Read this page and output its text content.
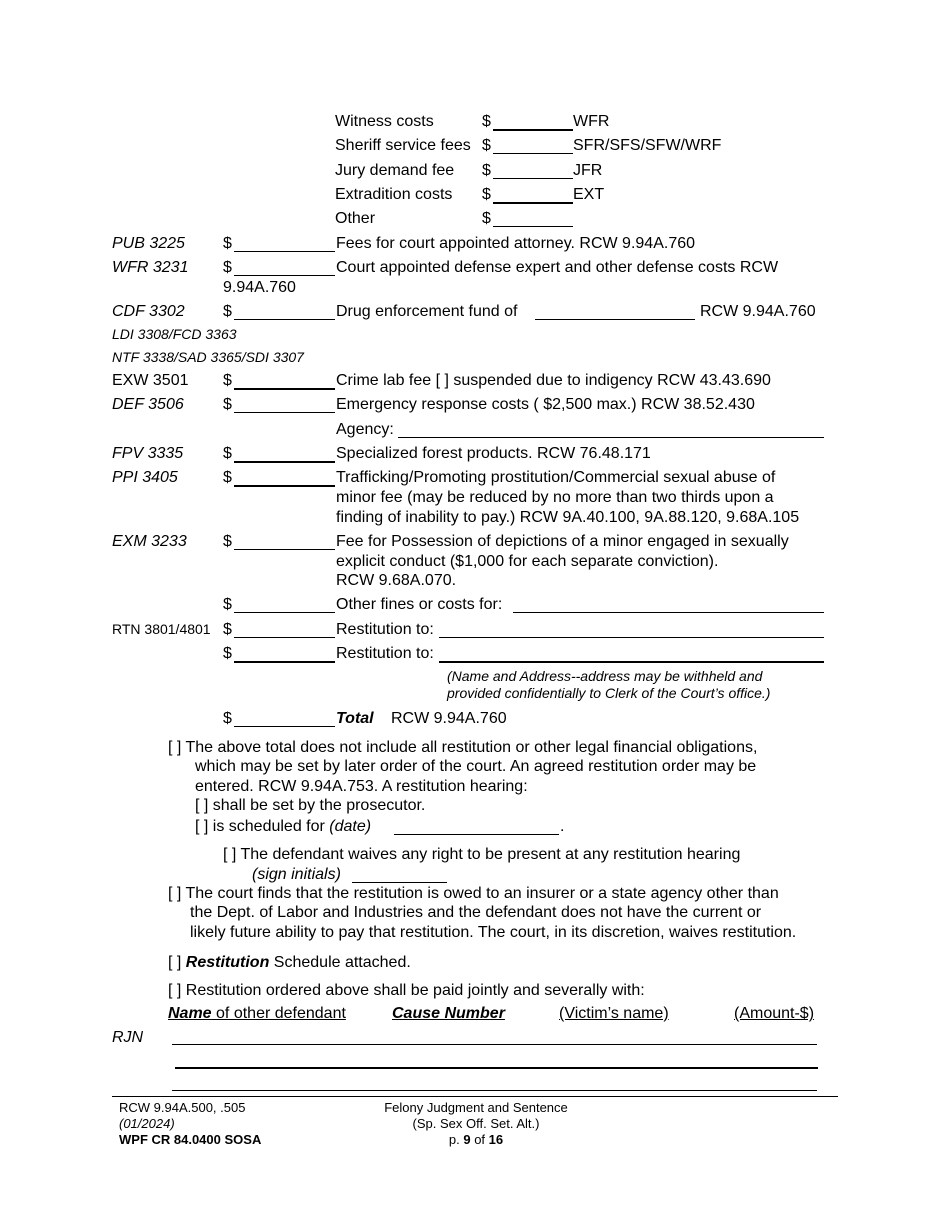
Witness costs	$	WFR
Sheriff service fees $	SFR/SFS/SFW/WRF
Jury demand fee $	JFR
Extradition costs $	EXT
Other	$
PUB 3225 $	Fees for court appointed attorney. RCW 9.94A.760
WFR 3231 $	Court appointed defense expert and other defense costs RCW
9.94A.760
CDF 3302 $	Drug enforcement fund of	RCW 9.94A.760
LDI 3308/FCD 3363
NTF 3338/SAD 3365/SDI 3307
EXW 3501 $	Crime lab fee [ ] suspended due to indigency RCW 43.43.690
DEF 3506 $	Emergency response costs ( $2,500 max.) RCW 38.52.430
Agency:
FPV 3335 $	Specialized forest products. RCW 76.48.171
PPI 3405	$	Trafficking/Promoting prostitution/Commercial sexual abuse of
minor fee (may be reduced by no more than two thirds upon a
finding of inability to pay.) RCW 9A.40.100, 9A.88.120, 9.68A.105
EXM 3233 $	Fee for Possession of depictions of a minor engaged in sexually
explicit conduct ($1,000 for each separate conviction).
RCW 9.68A.070.
$	Other fines or costs for:
RTN 3801/4801 $	Restitution to:
$	Restitution to:
(Name and Address--address may be withheld and
provided confidentially to Clerk of the Court’s office.)
$	Total RCW 9.94A.760
[ ] The above total does not include all restitution or other legal financial obligations,
which may be set by later order of the court. An agreed restitution order may be
entered. RCW 9.94A.753. A restitution hearing:
[ ] shall be set by the prosecutor.
[ ] is scheduled for (date)	.
[ ] The defendant waives any right to be present at any restitution hearing
(sign initials)
[ ] The court finds that the restitution is owed to an insurer or a state agency other than
the Dept. of Labor and Industries and the defendant does not have the current or
likely future ability to pay that restitution. The court, in its discretion, waives restitution.
[ ] Restitution Schedule attached.
[ ] Restitution ordered above shall be paid jointly and severally with:
Name of other defendant	Cause Number	(Victim’s name)	(Amount-$)
RJN
RCW 9.94A.500, .505
(01/2024)
WPF CR 84.0400 SOSA
Felony Judgment and Sentence
(Sp. Sex Off. Set. Alt.)
p. 9 of 16
